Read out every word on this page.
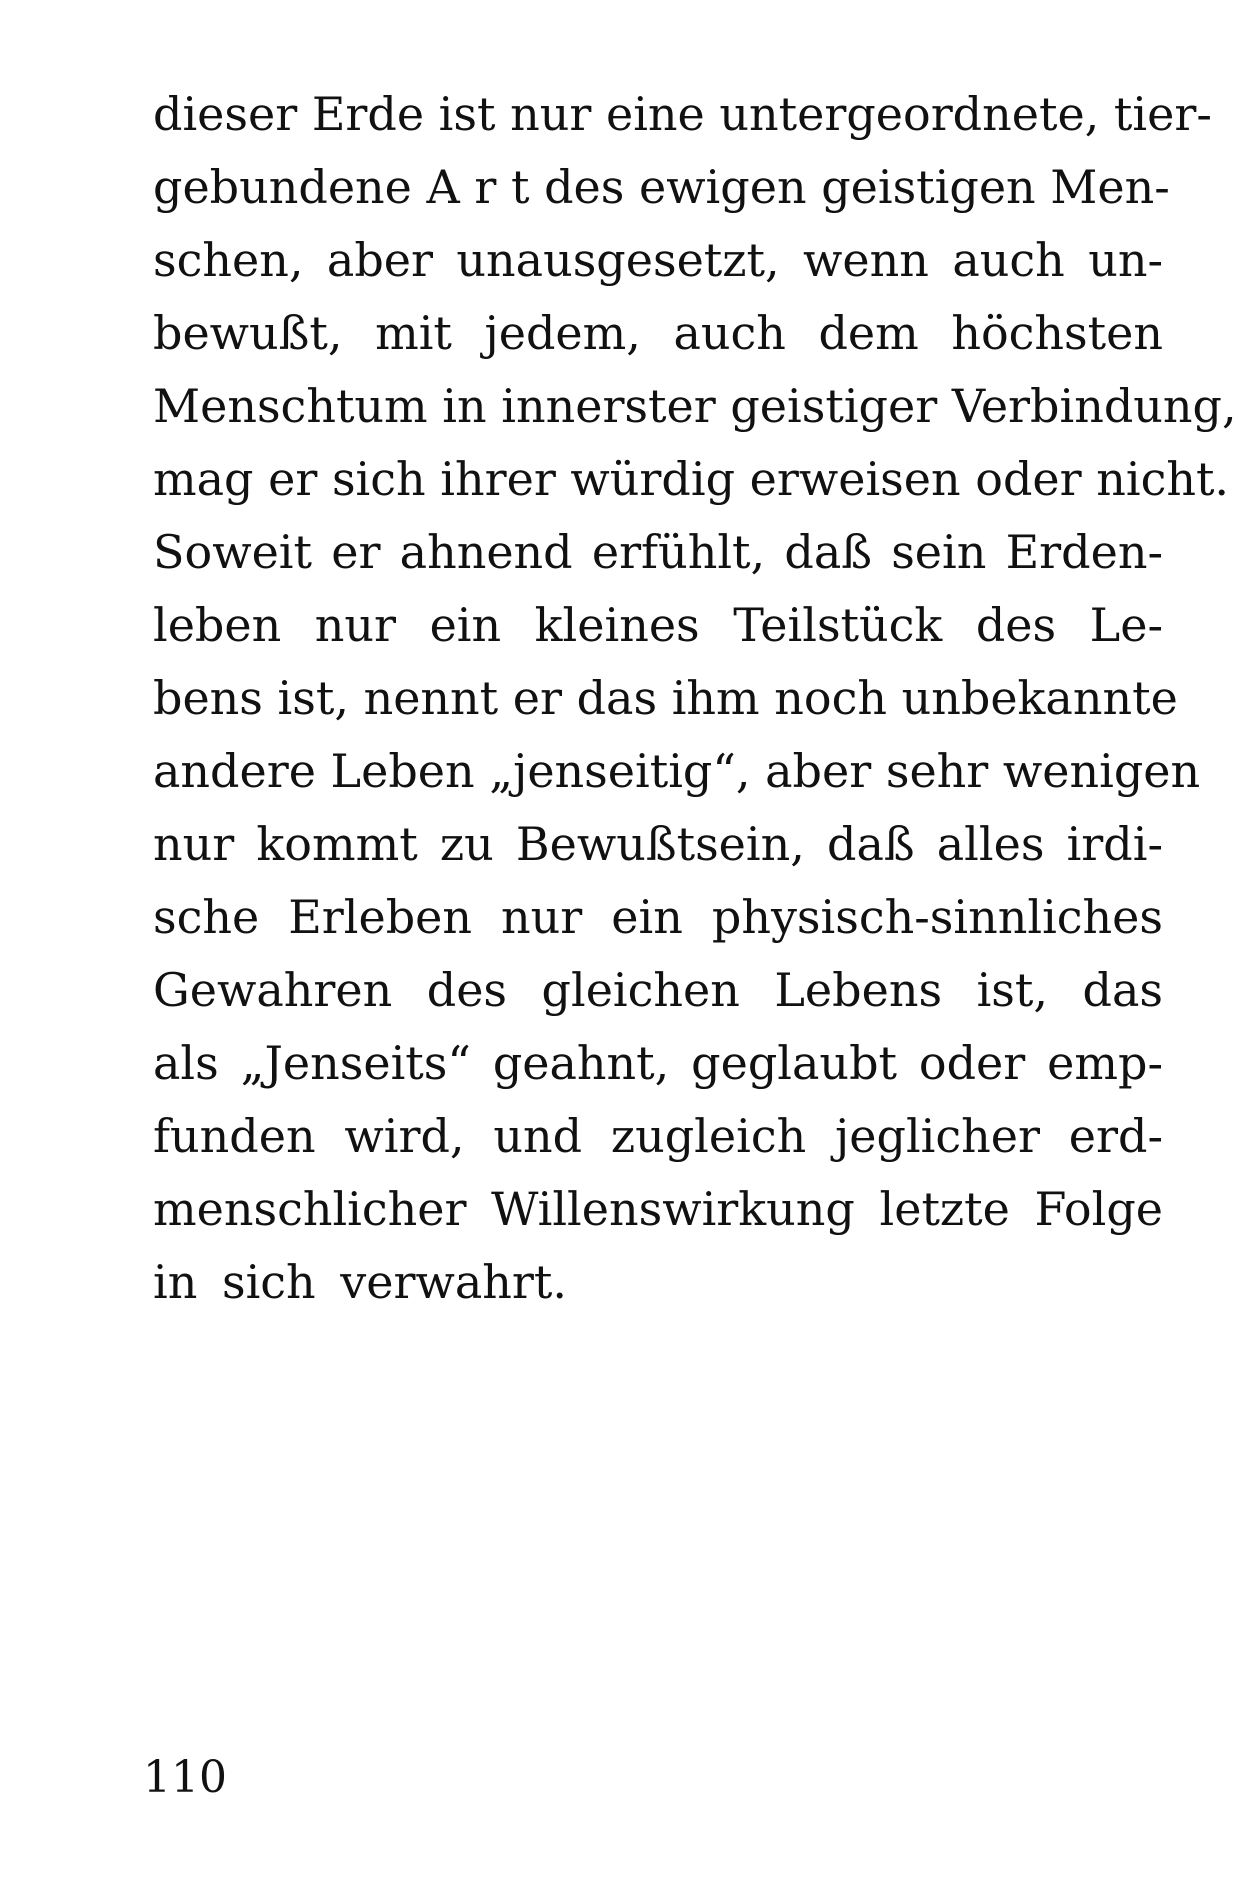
dieser Erde ist nur eine untergeordnete, tier-
gebundene A r t des ewigen geistigen Men-
schen, aber unausgesetzt, wenn auch un-
bewußt, mit jedem, auch dem höchsten
Menschtum in innerster geistiger Verbindung,
mag er sich ihrer würdig erweisen oder nicht.
Soweit er ahnend erfühlt, daß sein Erden-
leben nur ein kleines Teilstück des Le-
bens ist, nennt er das ihm noch unbekannte
andere Leben „jenseitig“, aber sehr wenigen
nur kommt zu Bewußtsein, daß alles irdi-
sche Erleben nur ein physisch-sinnliches
Gewahren des gleichen Lebens ist, das
als „Jenseits“ geahnt, geglaubt oder emp-
funden wird, und zugleich jeglicher erd-
menschlicher Willenswirkung letzte Folge
in sich verwahrt.
110
